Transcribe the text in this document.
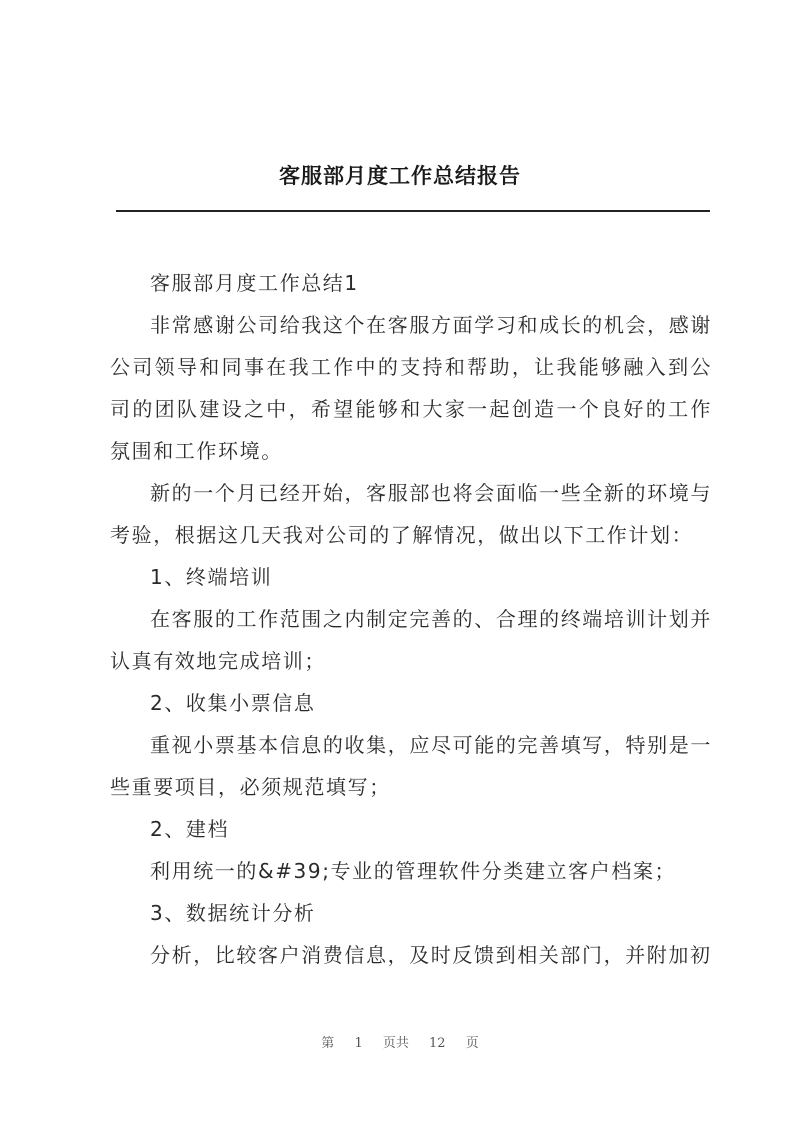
客服部月度工作总结报告

客服部月度工作总结1

非常感谢公司给我这个在客服方面学习和成长的机会，感谢公司领导和同事在我工作中的支持和帮助，让我能够融入到公司的团队建设之中，希望能够和大家一起创造一个良好的工作氛围和工作环境。

新的一个月已经开始，客服部也将会面临一些全新的环境与考验，根据这几天我对公司的了解情况，做出以下工作计划：

1、终端培训

在客服的工作范围之内制定完善的、合理的终端培训计划并认真有效地完成培训；

2、收集小票信息

重视小票基本信息的收集，应尽可能的完善填写，特别是一些重要项目，必须规范填写；

2、建档

利用统一的&#39;专业的管理软件分类建立客户档案；

3、数据统计分析

分析，比较客户消费信息，及时反馈到相关部门，并附加初

第 1 页共 12 页
